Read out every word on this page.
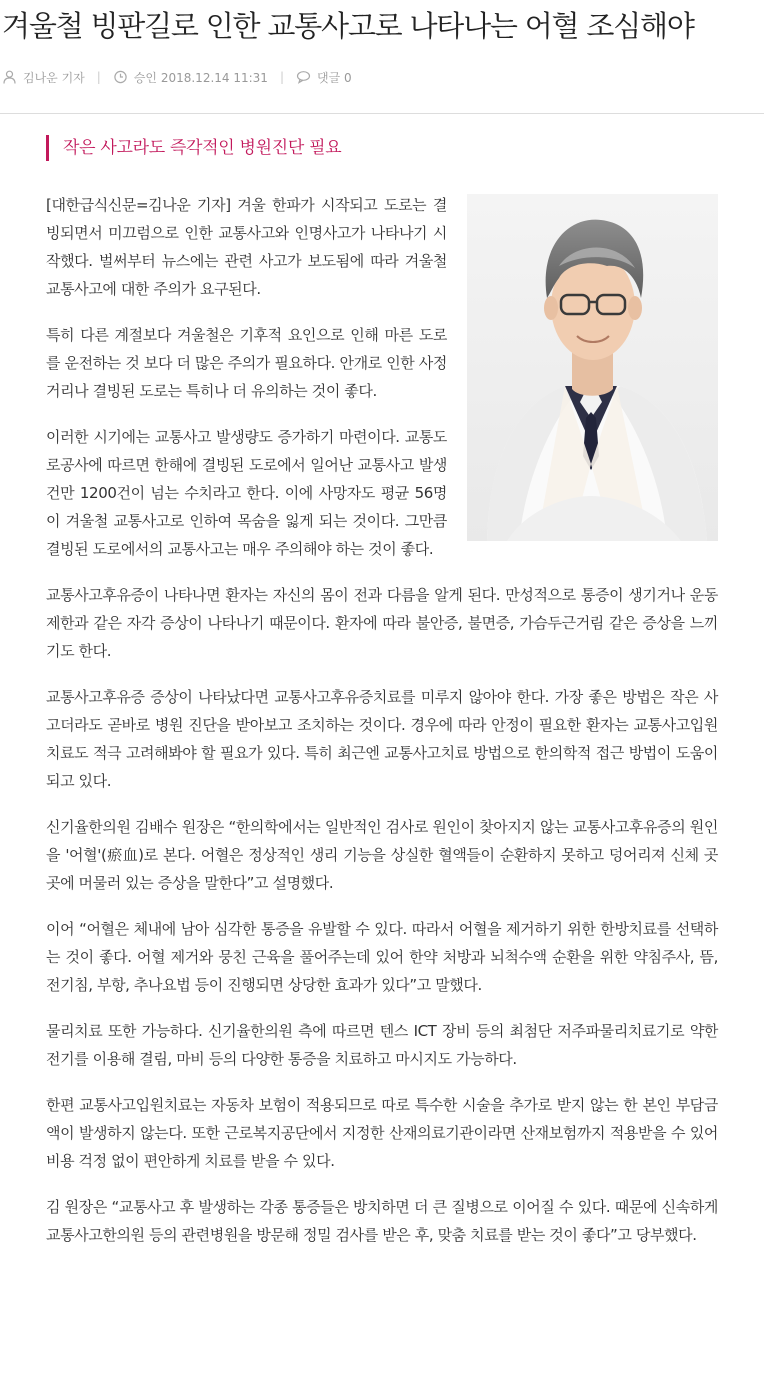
겨울철 빙판길로 인한 교통사고로 나타나는 어혈 조심해야
김나운 기자 |	승인 2018.12.14 11:31 |	댓글 0
작은 사고라도 즉각적인 병원진단 필요

[대한급식신문=김나운 기자] 겨울 한파가 시작되고 도로는 결빙되면서 미끄럼으로 인한 교통사고와 인명사고가 나타나기 시작했다. 벌써부터 뉴스에는 관련 사고가 보도됨에 따라 겨울철 교통사고에 대한 주의가 요구된다.

특히 다른 계절보다 겨울철은 기후적 요인으로 인해 마른 도로를 운전하는 것 보다 더 많은 주의가 필요하다. 안개로 인한 사정거리나 결빙된 도로는 특히나 더 유의하는 것이 좋다.

이러한 시기에는 교통사고 발생량도 증가하기 마련이다. 교통도로공사에 따르면 한해에 결빙된 도로에서 일어난 교통사고 발생건만 1200건이 넘는 수치라고 한다. 이에 사망자도 평균 56명이 겨울철 교통사고로 인하여 목숨을 잃게 되는 것이다. 그만큼 결빙된 도로에서의 교통사고는 매우 주의해야 하는 것이 좋다.

교통사고후유증이 나타나면 환자는 자신의 몸이 전과 다름을 알게 된다. 만성적으로 통증이 생기거나 운동제한과 같은 자각 증상이 나타나기 때문이다. 환자에 따라 불안증, 불면증, 가슴두근거림 같은 증상을 느끼기도 한다.

교통사고후유증 증상이 나타났다면 교통사고후유증치료를 미루지 않아야 한다. 가장 좋은 방법은 작은 사고더라도 곧바로 병원 진단을 받아보고 조치하는 것이다. 경우에 따라 안정이 필요한 환자는 교통사고입원치료도 적극 고려해봐야 할 필요가 있다. 특히 최근엔 교통사고치료 방법으로 한의학적 접근 방법이 도움이 되고 있다.

신기율한의원 김배수 원장은 “한의학에서는 일반적인 검사로 원인이 찾아지지 않는 교통사고후유증의 원인을 '어혈'(瘀血)로 본다. 어혈은 정상적인 생리 기능을 상실한 혈액들이 순환하지 못하고 덩어리져 신체 곳곳에 머물러 있는 증상을 말한다”고 설명했다.

이어 “어혈은 체내에 남아 심각한 통증을 유발할 수 있다. 따라서 어혈을 제거하기 위한 한방치료를 선택하는 것이 좋다. 어혈 제거와 뭉친 근육을 풀어주는데 있어 한약 처방과 뇌척수액 순환을 위한 약침주사, 뜸, 전기침, 부항, 추나요법 등이 진행되면 상당한 효과가 있다”고 말했다.

물리치료 또한 가능하다. 신기율한의원 측에 따르면 텐스 ICT 장비 등의 최첨단 저주파물리치료기로 약한 전기를 이용해 결림, 마비 등의 다양한 통증을 치료하고 마시지도 가능하다.

한편 교통사고입원치료는 자동차 보험이 적용되므로 따로 특수한 시술을 추가로 받지 않는 한 본인 부담금액이 발생하지 않는다. 또한 근로복지공단에서 지정한 산재의료기관이라면 산재보험까지 적용받을 수 있어 비용 걱정 없이 편안하게 치료를 받을 수 있다.

김 원장은 “교통사고 후 발생하는 각종 통증들은 방치하면 더 큰 질병으로 이어질 수 있다. 때문에 신속하게 교통사고한의원 등의 관련병원을 방문해 정밀 검사를 받은 후, 맞춤 치료를 받는 것이 좋다”고 당부했다.
